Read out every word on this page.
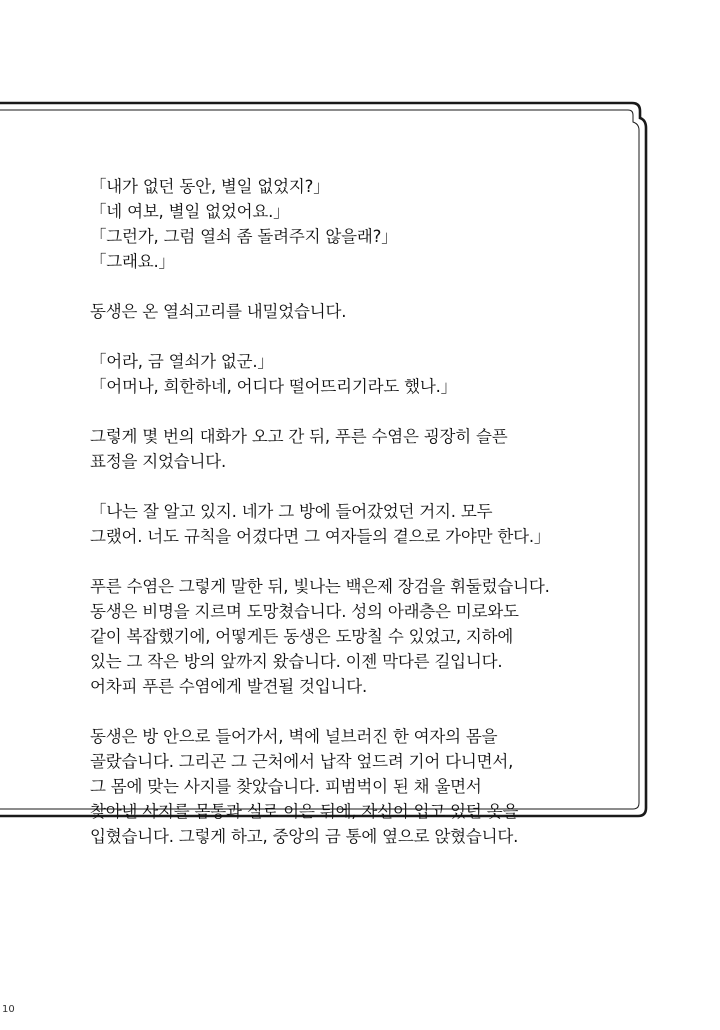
「내가 없던 동안, 별일 없었지?」
「네 여보, 별일 없었어요.」
「그런가, 그럼 열쇠 좀 돌려주지 않을래?」
「그래요.」
동생은 온 열쇠고리를 내밀었습니다.
「어라, 금 열쇠가 없군.」
「어머나, 희한하네, 어디다 떨어뜨리기라도 했나.」
그렇게 몇 번의 대화가 오고 간 뒤, 푸른 수염은 굉장히 슬픈
표정을 지었습니다.
「나는 잘 알고 있지. 네가 그 방에 들어갔었던 거지. 모두
그랬어. 너도 규칙을 어겼다면 그 여자들의 곁으로 가야만 한다.」
푸른 수염은 그렇게 말한 뒤, 빛나는 백은제 장검을 휘둘렀습니다.
동생은 비명을 지르며 도망쳤습니다. 성의 아래층은 미로와도
같이 복잡했기에, 어떻게든 동생은 도망칠 수 있었고, 지하에
있는 그 작은 방의 앞까지 왔습니다. 이젠 막다른 길입니다.
어차피 푸른 수염에게 발견될 것입니다.
동생은 방 안으로 들어가서, 벽에 널브러진 한 여자의 몸을
골랐습니다. 그리곤 그 근처에서 납작 엎드려 기어 다니면서,
그 몸에 맞는 사지를 찾았습니다. 피범벅이 된 채 울면서
찾아낸 사지를 몸통과 실로 이은 뒤에, 자신이 입고 있던 옷을
입혔습니다. 그렇게 하고, 중앙의 금 통에 옆으로 앉혔습니다.
10
